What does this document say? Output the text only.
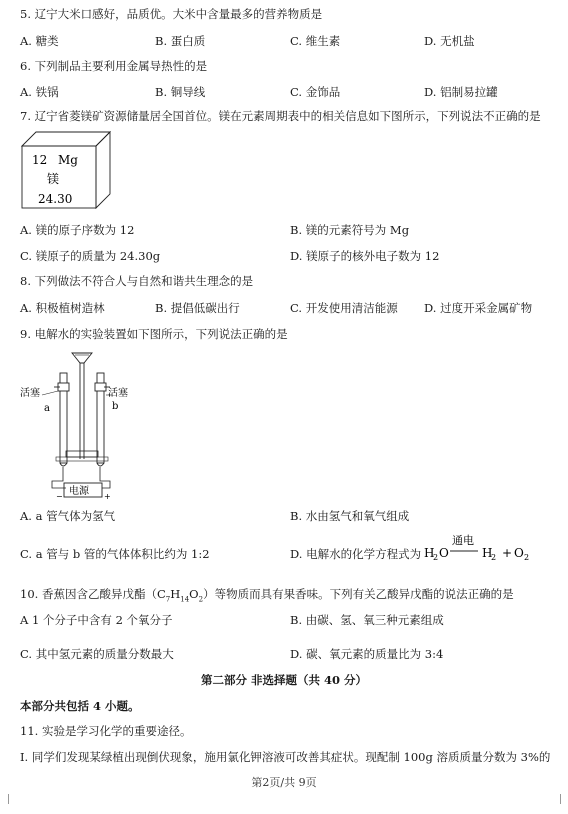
5. 辽宁大米口感好，品质优。大米中含量最多的营养物质是
A. 糖类	B. 蛋白质	C. 维生素	D. 无机盐
6. 下列制品主要利用金属导热性的是
A. 铁锅	B. 铜导线	C. 金饰品	D. 铝制易拉罐
7. 辽宁省菱镁矿资源储量居全国首位。镁在元素周期表中的相关信息如下图所示，下列说法不正确的是
12 Mg
镁
24.30
A. 镁的原子序数为 12	B. 镁的元素符号为 Mg
C. 镁原子的质量为 24.30g	D. 镁原子的核外电子数为 12
8. 下列做法不符合人与自然和谐共生理念的是
A. 积极植树造林	B. 提倡低碳出行	C. 开发使用清洁能源 D. 过度开采金属矿物
9. 电解水的实验装置如下图所示，下列说法正确的是
电源
−	+
活塞	活塞
a	b
A. a 管气体为氢气	B. 水由氢气和氧气组成
C. a 管与 b 管的气体体积比约为 1:2	D. 电解水的化学方程式为 H
2 O
通电
H
2 + O 2
10. 香蕉因含乙酸异戊酯$(C_7H_{14}O_2)$等物质而具有果香味。下列有关乙酸异戊酯的说法正确的是
A 1 个分子中含有 2 个氧分子	B. 由碳、氢、氧三种元素组成
C. 其中氢元素的质量分数最大	D. 碳、氧元素的质量比为 3:4
第二部分 非选择题（共 40 分）
本部分共包括 4 小题。
11. 实验是学习化学的重要途径。
Ⅰ. 同学们发现某绿植出现倒伏现象，施用氯化钾溶液可改善其症状。现配制 100g 溶质质量分数为 3%的
第2页/共 9页
